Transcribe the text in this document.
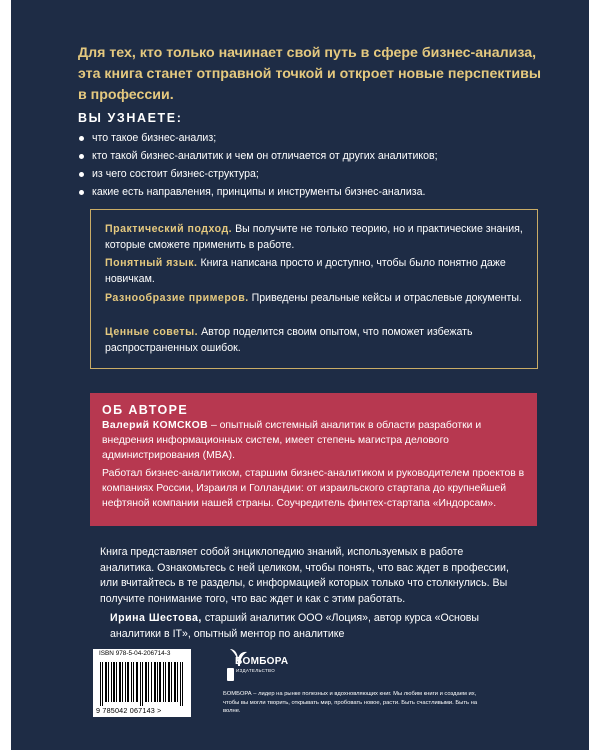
Для тех, кто только начинает свой путь в сфере бизнес-анализа, эта книга станет отправной точкой и откроет новые перспективы в профессии.
ВЫ УЗНАЕТЕ:
что такое бизнес-анализ;
кто такой бизнес-аналитик и чем он отличается от других аналитиков;
из чего состоит бизнес-структура;
какие есть направления, принципы и инструменты бизнес-анализа.
Практический подход. Вы получите не только теорию, но и практические знания, которые сможете применить в работе.
Понятный язык. Книга написана просто и доступно, чтобы было понятно даже новичкам.
Разнообразие примеров. Приведены реальные кейсы и отраслевые документы.
Ценные советы. Автор поделится своим опытом, что поможет избежать распространенных ошибок.
ОБ АВТОРЕ
Валерий КОМСКОВ – опытный системный аналитик в области разработки и внедрения информационных систем, имеет степень магистра делового администрирования (MBA).
Работал бизнес-аналитиком, старшим бизнес-аналитиком и руководителем проектов в компаниях России, Израиля и Голландии: от израильского стартапа до крупнейшей нефтяной компании нашей страны. Соучредитель финтех-стартапа «Индорсам».
Книга представляет собой энциклопедию знаний, используемых в работе аналитика. Ознакомьтесь с ней целиком, чтобы понять, что вас ждет в профессии, или вчитайтесь в те разделы, с информацией которых только что столкнулись. Вы получите понимание того, что вас ждет и как с этим работать.
Ирина Шестова, старший аналитик ООО «Лоция», автор курса «Основы аналитики в IT», опытный ментор по аналитике
ISBN 978-5-04-206714-3
9 785042 067143 >
БОМБОРА
ИЗДАТЕЛЬСТВО
БОМБОРА – лидер на рынке полезных и вдохновляющих книг. Мы любим книги и создаем их, чтобы вы могли творить, открывать мир, пробовать новое, расти. Быть счастливыми. Быть на волне.
